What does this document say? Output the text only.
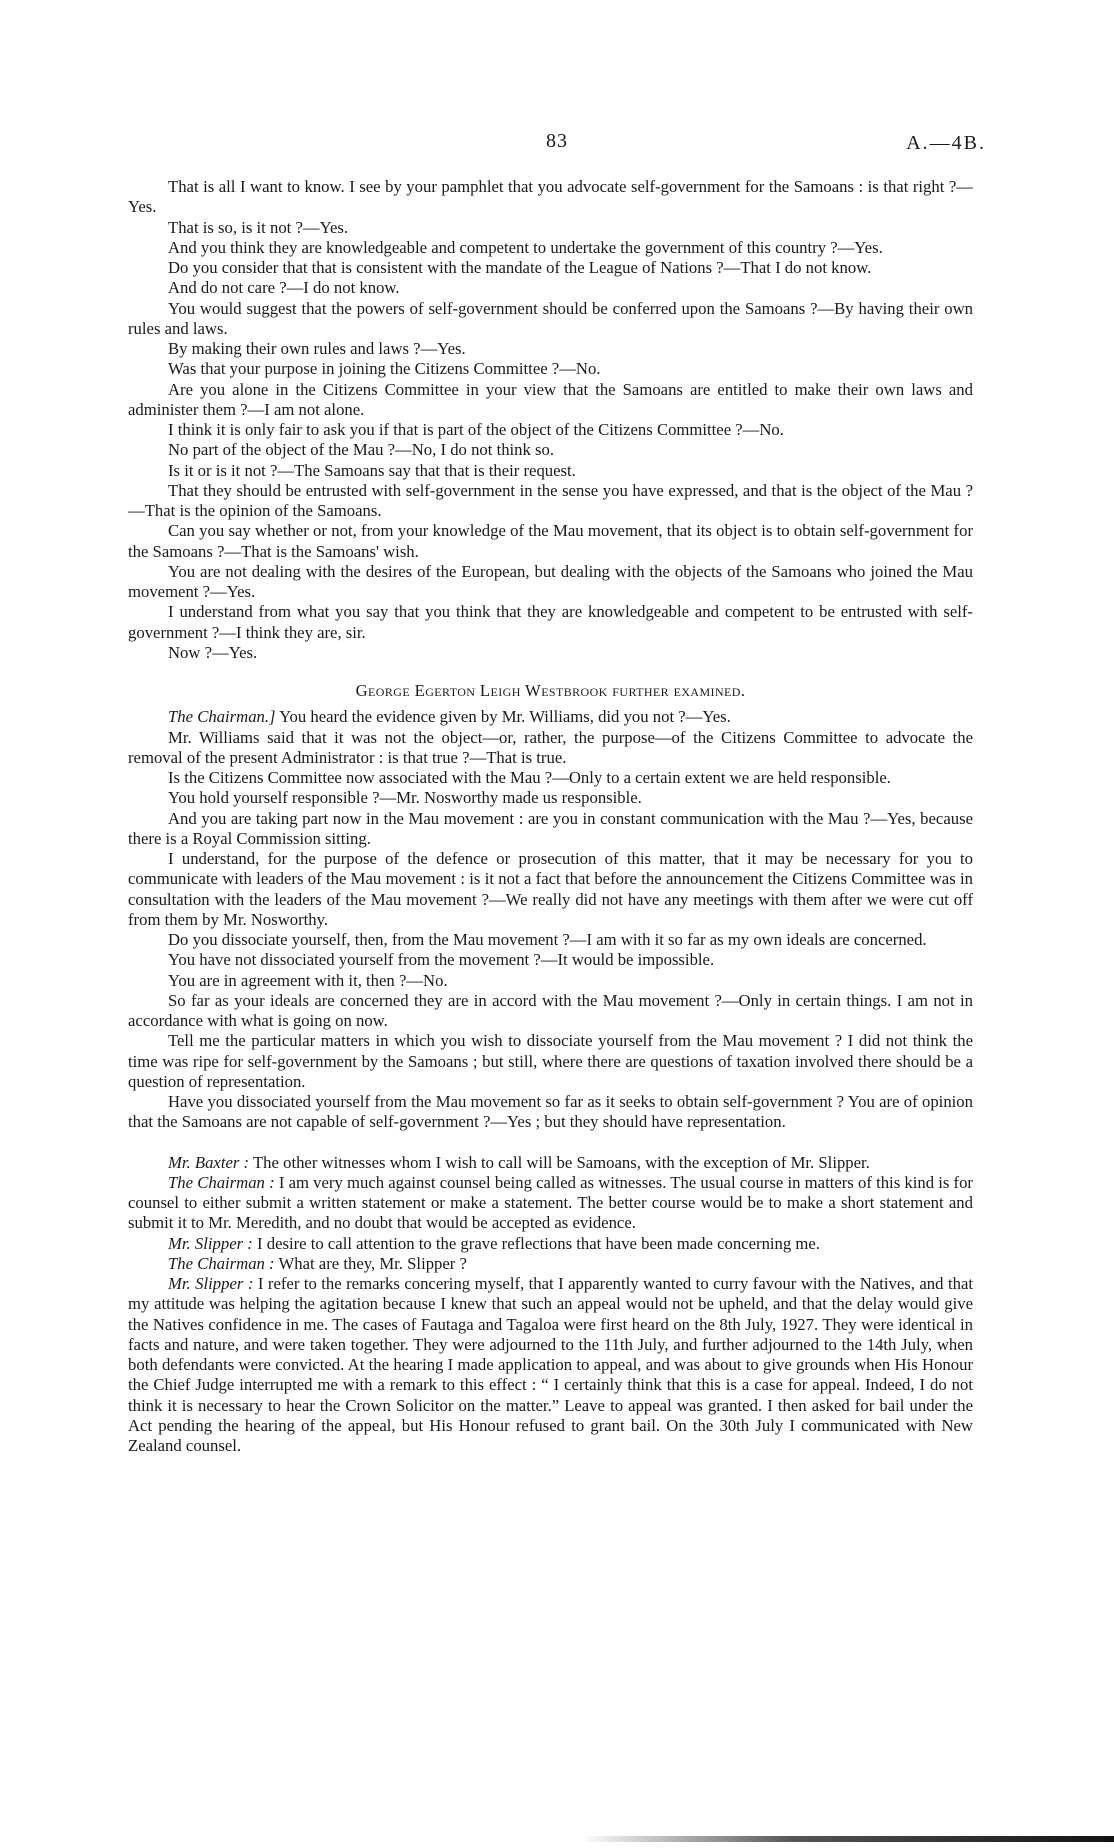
83	A.—4B.

That is all I want to know. I see by your pamphlet that you advocate self-government for the Samoans : is that right ?—Yes.

That is so, is it not ?—Yes.

And you think they are knowledgeable and competent to undertake the government of this country ?—Yes.

Do you consider that that is consistent with the mandate of the League of Nations ?—That I do not know.

And do not care ?—I do not know.

You would suggest that the powers of self-government should be conferred upon the Samoans ?—By having their own rules and laws.

By making their own rules and laws ?—Yes.

Was that your purpose in joining the Citizens Committee ?—No.

Are you alone in the Citizens Committee in your view that the Samoans are entitled to make their own laws and administer them ?—I am not alone.

I think it is only fair to ask you if that is part of the object of the Citizens Committee ?—No.

No part of the object of the Mau ?—No, I do not think so.

Is it or is it not ?—The Samoans say that that is their request.

That they should be entrusted with self-government in the sense you have expressed, and that is the object of the Mau ?—That is the opinion of the Samoans.

Can you say whether or not, from your knowledge of the Mau movement, that its object is to obtain self-government for the Samoans ?—That is the Samoans' wish.

You are not dealing with the desires of the European, but dealing with the objects of the Samoans who joined the Mau movement ?—Yes.

I understand from what you say that you think that they are knowledgeable and competent to be entrusted with self-government ?—I think they are, sir.

Now ?—Yes.

George Egerton Leigh Westbrook further examined.

The Chairman.] You heard the evidence given by Mr. Williams, did you not ?—Yes.

Mr. Williams said that it was not the object—or, rather, the purpose—of the Citizens Committee to advocate the removal of the present Administrator : is that true ?—That is true.

Is the Citizens Committee now associated with the Mau ?—Only to a certain extent we are held responsible.

You hold yourself responsible ?—Mr. Nosworthy made us responsible.

And you are taking part now in the Mau movement : are you in constant communication with the Mau ?—Yes, because there is a Royal Commission sitting.

I understand, for the purpose of the defence or prosecution of this matter, that it may be necessary for you to communicate with leaders of the Mau movement : is it not a fact that before the announcement the Citizens Committee was in consultation with the leaders of the Mau movement ?—We really did not have any meetings with them after we were cut off from them by Mr. Nosworthy.

Do you dissociate yourself, then, from the Mau movement ?—I am with it so far as my own ideals are concerned.

You have not dissociated yourself from the movement ?—It would be impossible.

You are in agreement with it, then ?—No.

So far as your ideals are concerned they are in accord with the Mau movement ?—Only in certain things. I am not in accordance with what is going on now.

Tell me the particular matters in which you wish to dissociate yourself from the Mau movement ? I did not think the time was ripe for self-government by the Samoans ; but still, where there are questions of taxation involved there should be a question of representation.

Have you dissociated yourself from the Mau movement so far as it seeks to obtain self-government ? You are of opinion that the Samoans are not capable of self-government ?—Yes ; but they should have representation.

Mr. Baxter : The other witnesses whom I wish to call will be Samoans, with the exception of Mr. Slipper.

The Chairman : I am very much against counsel being called as witnesses. The usual course in matters of this kind is for counsel to either submit a written statement or make a statement. The better course would be to make a short statement and submit it to Mr. Meredith, and no doubt that would be accepted as evidence.

Mr. Slipper : I desire to call attention to the grave reflections that have been made concerning me.

The Chairman : What are they, Mr. Slipper ?

Mr. Slipper : I refer to the remarks concering myself, that I apparently wanted to curry favour with the Natives, and that my attitude was helping the agitation because I knew that such an appeal would not be upheld, and that the delay would give the Natives confidence in me. The cases of Fautaga and Tagaloa were first heard on the 8th July, 1927. They were identical in facts and nature, and were taken together. They were adjourned to the 11th July, and further adjourned to the 14th July, when both defendants were convicted. At the hearing I made application to appeal, and was about to give grounds when His Honour the Chief Judge interrupted me with a remark to this effect : “ I certainly think that this is a case for appeal. Indeed, I do not think it is necessary to hear the Crown Solicitor on the matter.” Leave to appeal was granted. I then asked for bail under the Act pending the hearing of the appeal, but His Honour refused to grant bail. On the 30th July I communicated with New Zealand counsel.
